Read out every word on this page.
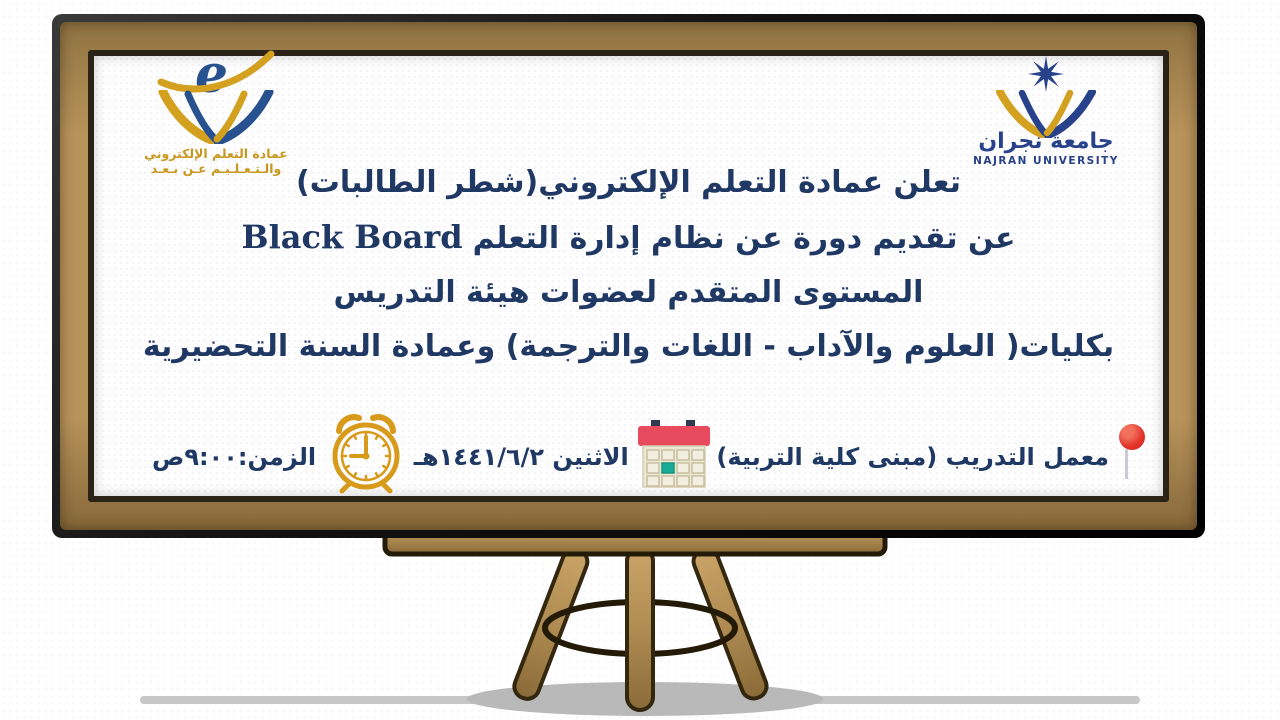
e
عمادة التعلم الإلكتروني
والـتـعـلـيـم عـن بـعـد
جامعة نجران
NAJRAN UNIVERSITY
تعلن عمادة التعلم الإلكتروني(شطر الطالبات)
عن تقديم دورة عن نظام إدارة التعلمBlack Board
المستوى المتقدم لعضوات هيئة التدريس
بكليات( العلوم والآداب - اللغات والترجمة) وعمادة السنة التحضيرية
معمل التدريب (مبنى كلية التربية)
الاثنين ١٤٤١/٦/٢هـ
الزمن:٩:٠٠ص
